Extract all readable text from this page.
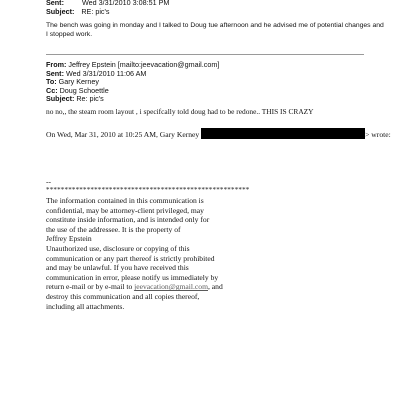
Sent:	Wed 3/31/2010 3:08:51 PM
Subject: RE: pic's
The bench was going in monday and I talked to Doug tue afternoon and he advised me of potential changes and
I stopped work.
From: Jeffrey Epstein [mailto:jeevacation@gmail.com]
Sent: Wed 3/31/2010 11:06 AM
To: Gary Kerney
Cc: Doug Schoettle
Subject: Re: pic's
no no,, the steam room layout , i specifcally told doug had to be redone.. THIS IS CRAZY
On Wed, Mar 31, 2010 at 10:25 AM, Gary Kerney	> wrote:
--
*******************************************************
The information contained in this communication is
confidential, may be attorney-client privileged, may
constitute inside information, and is intended only for
the use of the addressee. It is the property of
Jeffrey Epstein
Unauthorized use, disclosure or copying of this
communication or any part thereof is strictly prohibited
and may be unlawful. If you have received this
communication in error, please notify us immediately by
return e-mail or by e-mail to jeevacation@gmail.com, and
destroy this communication and all copies thereof,
including all attachments.
